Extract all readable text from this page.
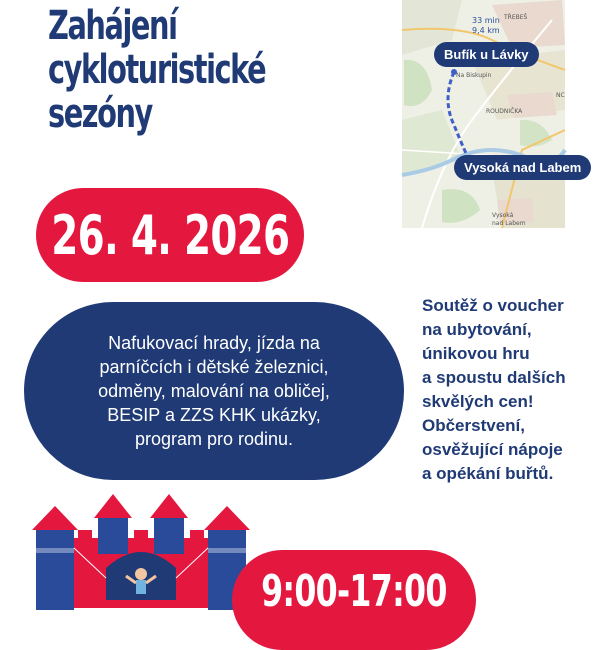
Zahájení
cykloturistické
sezóny
26. 4. 2026
Nafukovací hrady, jízda na
parníčcích i dětské železnici,
odměny, malování na obličej,
BESIP a ZZS KHK ukázky,
program pro rodinu.
Soutěž o voucher
na ubytování,
únikovou hru
a spoustu dalších
skvělých cen!
Občerstvení,
osvěžující nápoje
a opékání buřtů.
33 min
9,4 km
TŘEBEŠ
Na Biskupin
ROUDNIČKA
Vysoká
nad Labem
NC
Bufík u Lávky
Vysoká nad Labem
9:00-17:00
